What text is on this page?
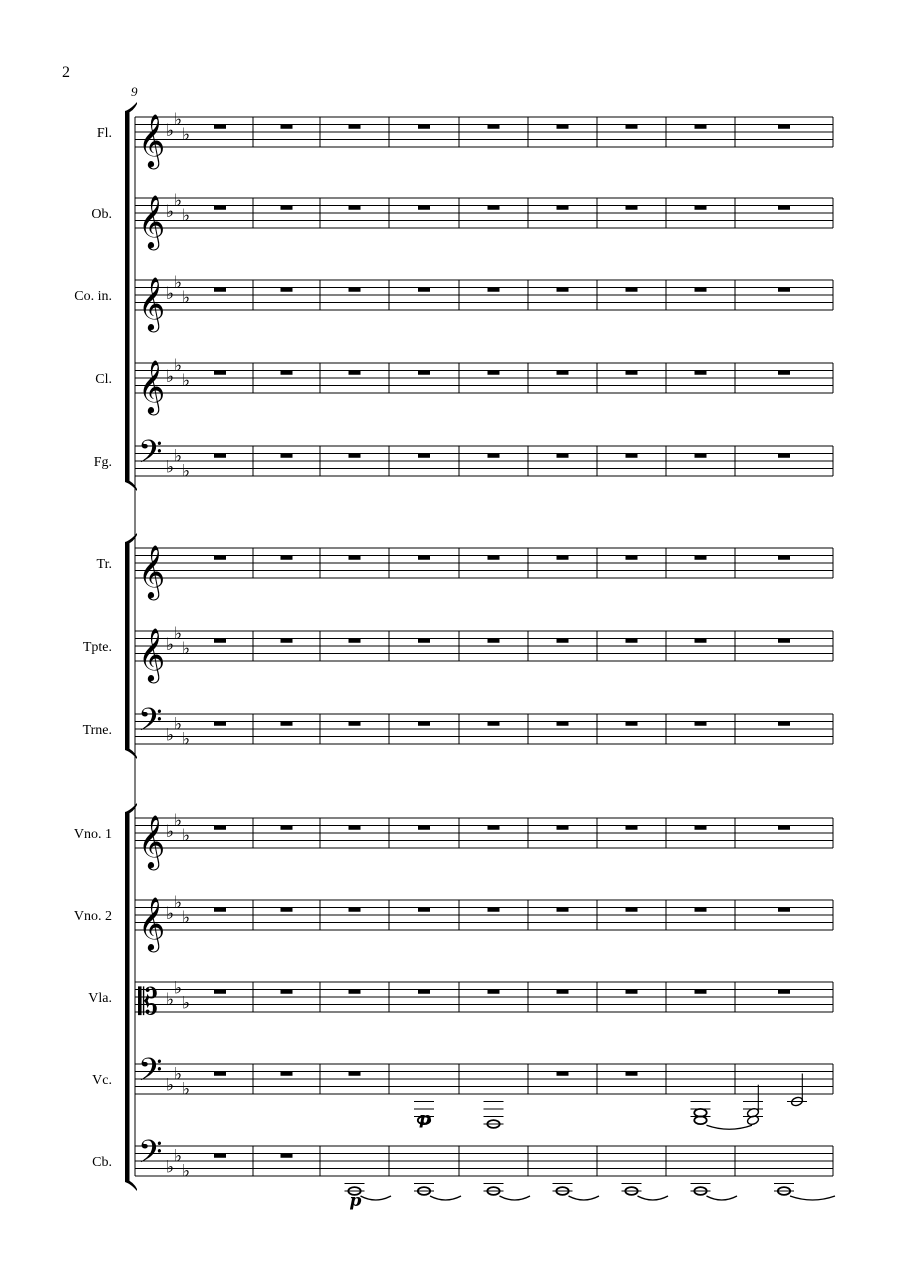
2
9
Fl. 𝄞 ♭
♭
♭
Ob. 𝄞 ♭
♭
♭
Co. in. 𝄞 ♭
♭
♭
Cl. 𝄞 ♭
♭
♭
Fg. 𝄢 ♭
♭
♭
Tr. 𝄞
Tpte. 𝄞 ♭
♭
♭
Trne. 𝄢 ♭
♭
♭
Vno. 1 𝄞 ♭
♭
♭
Vno. 2 𝄞 ♭
♭
♭
Vla. 𝄡 ♭
♭
♭
Vc. 𝄢 ♭
♭
♭
p
Cb. 𝄢 ♭
♭
♭
p
